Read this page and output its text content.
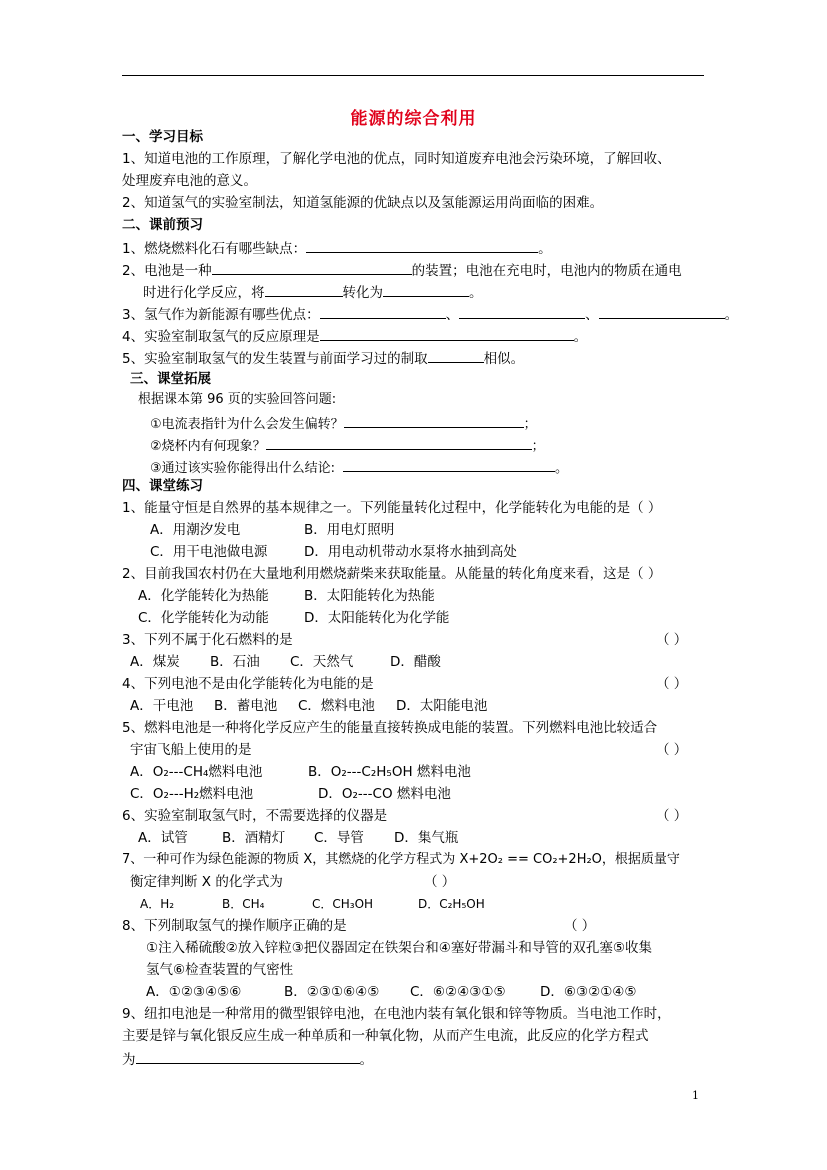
能源的综合利用
一、学习目标
1、知道电池的工作原理，了解化学电池的优点，同时知道废弃电池会污染环境，了解回收、
处理废弃电池的意义。
2、知道氢气的实验室制法，知道氢能源的优缺点以及氢能源运用尚面临的困难。
二、课前预习
1、燃烧燃料化石有哪些缺点：	。
2、电池是一种	的装置；电池在充电时，电池内的物质在通电
时进行化学反应，将	转化为	。
3、氢气作为新能源有哪些优点：	、	、	。
4、实验室制取氢气的反应原理是	。
5、实验室制取氢气的发生装置与前面学习过的制取	相似。
三、课堂拓展
根据课本第 96 页的实验回答问题:
①电流表指针为什么会发生偏转？	；
②烧杯内有何现象？	；
③通过该实验你能得出什么结论:	。
四、课堂练习
1、能量守恒是自然界的基本规律之一。下列能量转化过程中，化学能转化为电能的是（ ）
A．用潮汐发电	B．用电灯照明
C．用干电池做电源	D．用电动机带动水泵将水抽到高处
2、目前我国农村仍在大量地利用燃烧薪柴来获取能量。从能量的转化角度来看，这是（ ）
A．化学能转化为热能	B．太阳能转化为热能
C．化学能转化为动能	D．太阳能转化为化学能
3、下列不属于化石燃料的是	（ ）
A．煤炭 B．石油 C．天然气	D．醋酸
4、下列电池不是由化学能转化为电能的是	（ ）
A．干电池 B．蓄电池 C．燃料电池 D．太阳能电池
5、燃料电池是一种将化学反应产生的能量直接转换成电能的装置。下列燃料电池比较适合
宇宙飞船上使用的是	（ ）
A．O₂---CH₄燃料电池	B．O₂---C₂H₅OH 燃料电池
C．O₂---H₂燃料电池	D．O₂---CO 燃料电池
6、实验室制取氢气时，不需要选择的仪器是	（ ）
A．试管	B．酒精灯 C．导管 D．集气瓶
7、一种可作为绿色能源的物质 X，其燃烧的化学方程式为 X+2O₂ == CO₂+2H₂O，根据质量守
衡定律判断 X 的化学式为	（ ）
A．H₂	B．CH₄	C．CH₃OH	D．C₂H₅OH
8、下列制取氢气的操作顺序正确的是	（ ）
①注入稀硫酸②放入锌粒③把仪器固定在铁架台和④塞好带漏斗和导管的双孔塞⑤收集
氢气⑥检查装置的气密性
A．①②③④⑤⑥	B．②③①⑥④⑤ C．⑥②④③①⑤	D．⑥③②①④⑤
9、纽扣电池是一种常用的微型银锌电池，在电池内装有氧化银和锌等物质。当电池工作时，
主要是锌与氧化银反应生成一种单质和一种氧化物，从而产生电流，此反应的化学方程式
为	。
1
